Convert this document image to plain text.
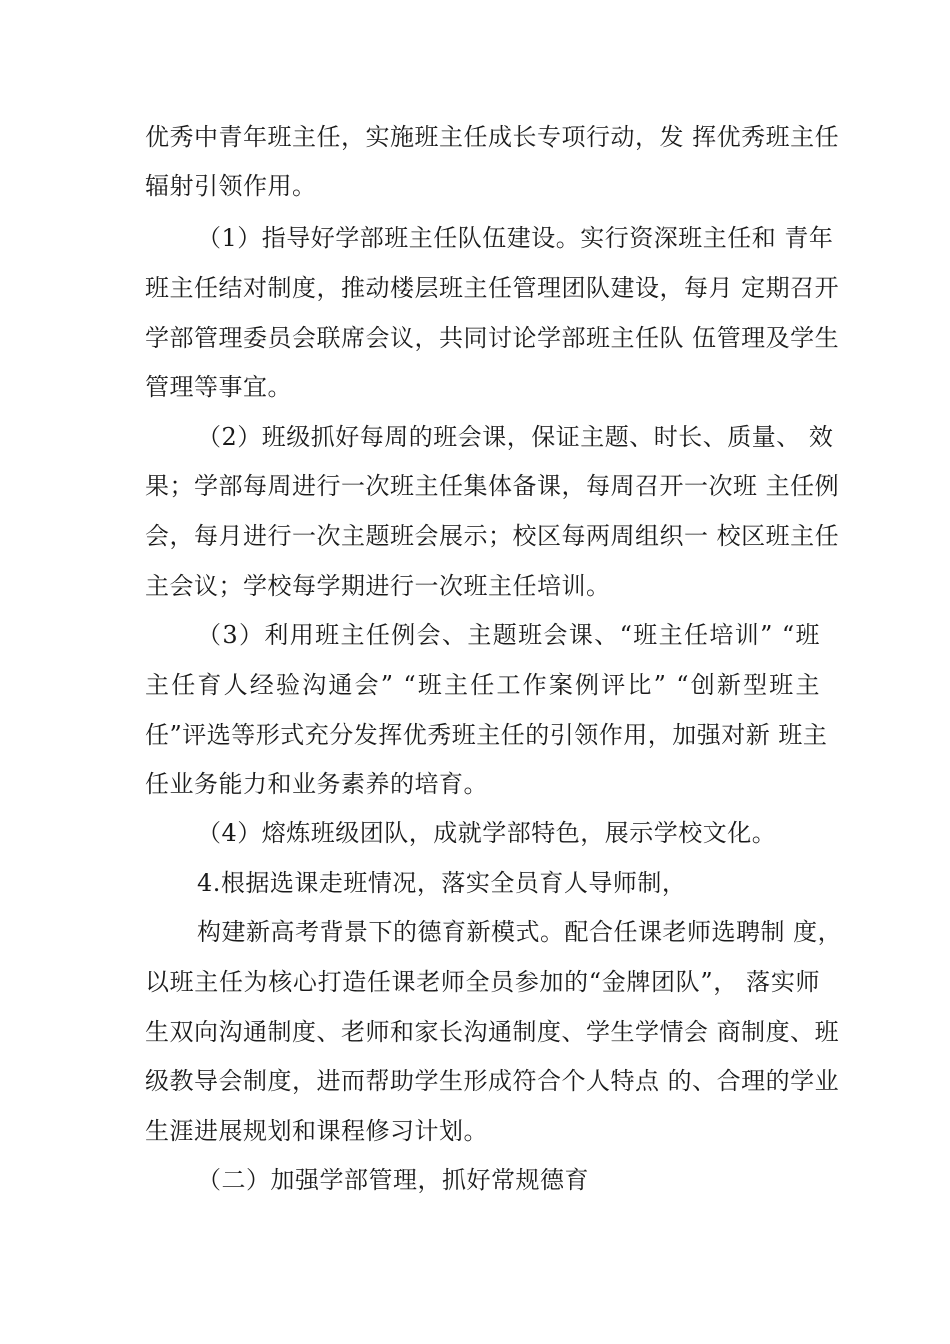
优秀中青年班主任，实施班主任成长专项行动，发 挥优秀班主任
辐射引领作用。
（1）指导好学部班主任队伍建设。实行资深班主任和 青年
班主任结对制度，推动楼层班主任管理团队建设，每月 定期召开
学部管理委员会联席会议，共同讨论学部班主任队 伍管理及学生
管理等事宜。
（2）班级抓好每周的班会课，保证主题、时长、质量、 效
果；学部每周进行一次班主任集体备课，每周召开一次班 主任例
会，每月进行一次主题班会展示；校区每两周组织一 校区班主任
主会议；学校每学期进行一次班主任培训。
（3）利用班主任例会、主题班会课、“班主任培训” “班
主任育人经验沟通会” “班主任工作案例评比” “创新型班主
任”评选等形式充分发挥优秀班主任的引领作用，加强对新 班主
任业务能力和业务素养的培育。
（4）熔炼班级团队，成就学部特色，展示学校文化。
4.根据选课走班情况，落实全员育人导师制，
构建新高考背景下的德育新模式。配合任课老师选聘制 度，
以班主任为核心打造任课老师全员参加的“金牌团队”， 落实师
生双向沟通制度、老师和家长沟通制度、学生学情会 商制度、班
级教导会制度，进而帮助学生形成符合个人特点 的、合理的学业
生涯进展规划和课程修习计划。
（二）加强学部管理，抓好常规德育
